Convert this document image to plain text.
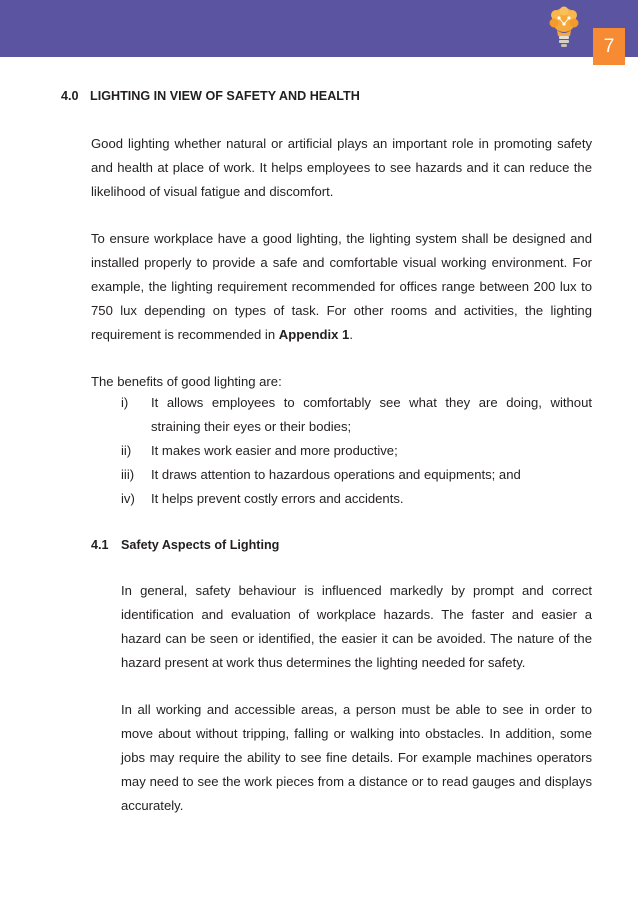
7
4.0 LIGHTING IN VIEW OF SAFETY AND HEALTH

Good lighting whether natural or artificial plays an important role in promoting safety and health at place of work. It helps employees to see hazards and it can reduce the likelihood of visual fatigue and discomfort.

To ensure workplace have a good lighting, the lighting system shall be designed and installed properly to provide a safe and comfortable visual working environment. For example, the lighting requirement recommended for offices range between 200 lux to 750 lux depending on types of task. For other rooms and activities, the lighting requirement is recommended in Appendix 1.

The benefits of good lighting are:

i) It allows employees to comfortably see what they are doing, without straining their eyes or their bodies;
ii) It makes work easier and more productive;
iii) It draws attention to hazardous operations and equipments; and
iv) It helps prevent costly errors and accidents.
4.1 Safety Aspects of Lighting

In general, safety behaviour is influenced markedly by prompt and correct identification and evaluation of workplace hazards. The faster and easier a hazard can be seen or identified, the easier it can be avoided. The nature of the hazard present at work thus determines the lighting needed for safety.

In all working and accessible areas, a person must be able to see in order to move about without tripping, falling or walking into obstacles. In addition, some jobs may require the ability to see fine details. For example machines operators may need to see the work pieces from a distance or to read gauges and displays accurately.
